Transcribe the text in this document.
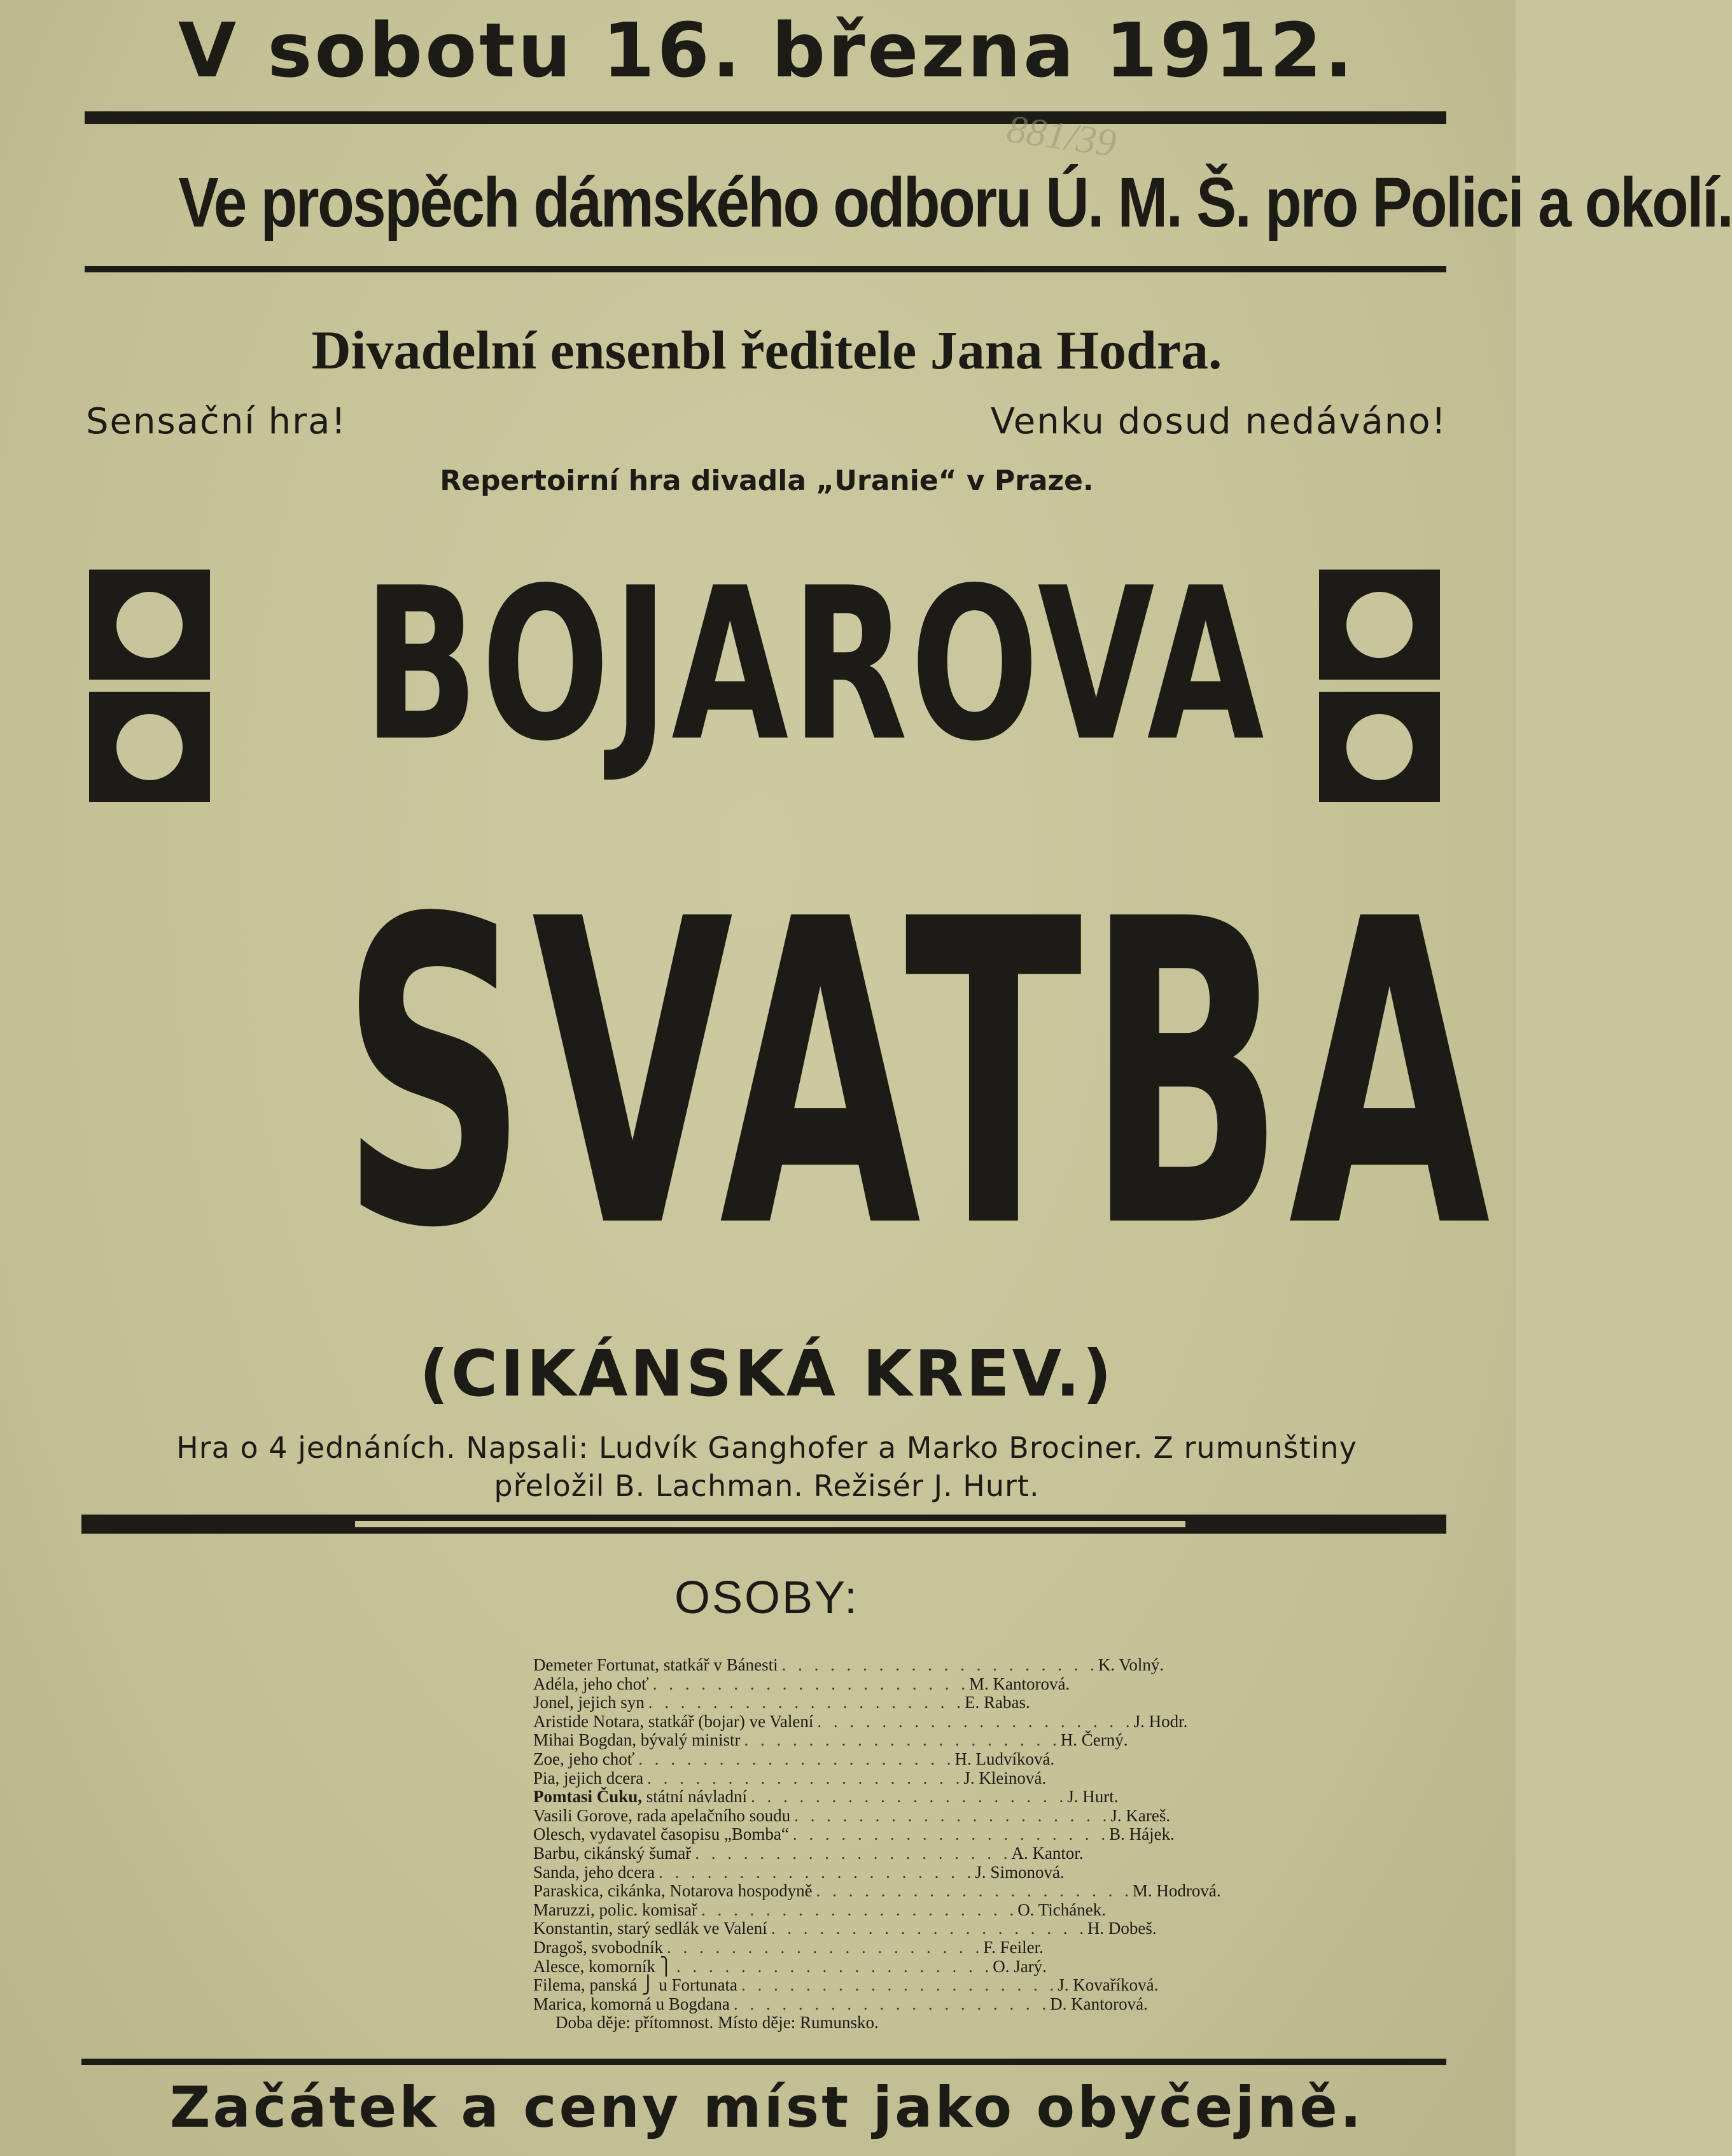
V sobotu 16. března 1912.
881/39
Ve prospěch dámského odboru Ú. M. Š. pro Polici a okolí.
Divadelní ensenbl ředitele Jana Hodra.
Sensační hra!	Venku dosud nedáváno!
Repertoirní hra divadla „Uranie“ v Praze.
BOJAROVA
SVATBA
(CIKÁNSKÁ KREV.)
Hra o 4 jednáních. Napsali: Ludvík Ganghofer a Marko Brociner. Z rumunštiny
přeložil B. Lachman. Režisér J. Hurt.
OSOBY:
Demeter Fortunat, statkář v Bánesti . . . . . . . . . . . . . . . . . . . . K. Volný.
Adéla, jeho choť . . . . . . . . . . . . . . . . . . . . M. Kantorová.
Jonel, jejich syn . . . . . . . . . . . . . . . . . . . . E. Rabas.
Aristide Notara, statkář (bojar) ve Valení . . . . . . . . . . . . . . . . . . . . J. Hodr.
Mihai Bogdan, bývalý ministr . . . . . . . . . . . . . . . . . . . . H. Černý.
Zoe, jeho choť . . . . . . . . . . . . . . . . . . . . H. Ludvíková.
Pia, jejich dcera . . . . . . . . . . . . . . . . . . . . J. Kleinová.
Pomtasi Čuku, státní návladní . . . . . . . . . . . . . . . . . . . . J. Hurt.
Vasili Gorove, rada apelačního soudu . . . . . . . . . . . . . . . . . . . . J. Kareš.
Olesch, vydavatel časopisu „Bomba“ . . . . . . . . . . . . . . . . . . . . B. Hájek.
Barbu, cikánský šumař . . . . . . . . . . . . . . . . . . . . A. Kantor.
Sanda, jeho dcera . . . . . . . . . . . . . . . . . . . . J. Simonová.
Paraskica, cikánka, Notarova hospodyně . . . . . . . . . . . . . . . . . . . . M. Hodrová.
Maruzzi, polic. komisař . . . . . . . . . . . . . . . . . . . . O. Tichánek.
Konstantin, starý sedlák ve Valení . . . . . . . . . . . . . . . . . . . . H. Dobeš.
Dragoš, svobodník . . . . . . . . . . . . . . . . . . . . F. Feiler.
Alesce, komorník ⎫ . . . . . . . . . . . . . . . . . . . . O. Jarý.
Filema, panská ⎭ u Fortunata . . . . . . . . . . . . . . . . . . . . J. Kovaříková.
Marica, komorná u Bogdana . . . . . . . . . . . . . . . . . . . . D. Kantorová.
Doba děje: přítomnost. Místo děje: Rumunsko.
Začátek a ceny míst jako obyčejně.
